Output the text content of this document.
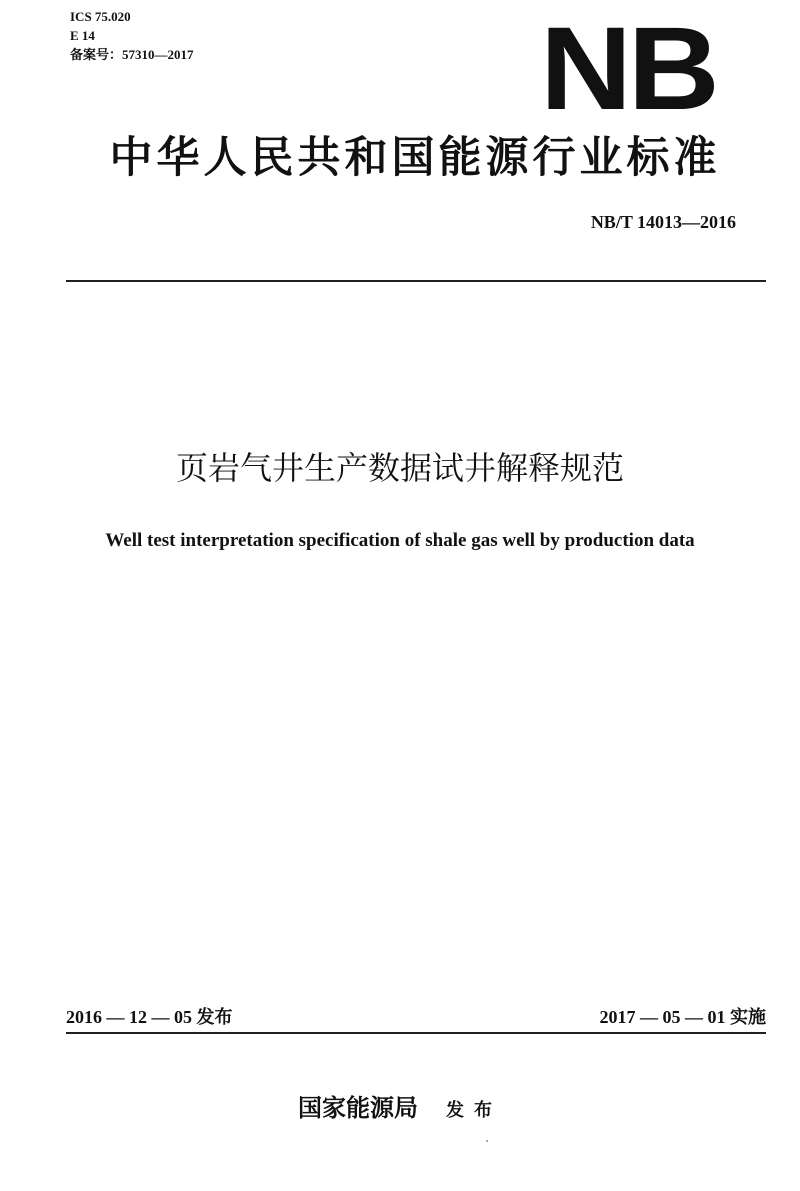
ICS 75.020
E 14
备案号：57310—2017	NB
中华人民共和国能源行业标准
NB/T 14013—2016
页岩气井生产数据试井解释规范
Well test interpretation specification of shale gas well by production data
2016 — 12 — 05 发布	2017 — 05 — 01 实施
国家能源局 发布
